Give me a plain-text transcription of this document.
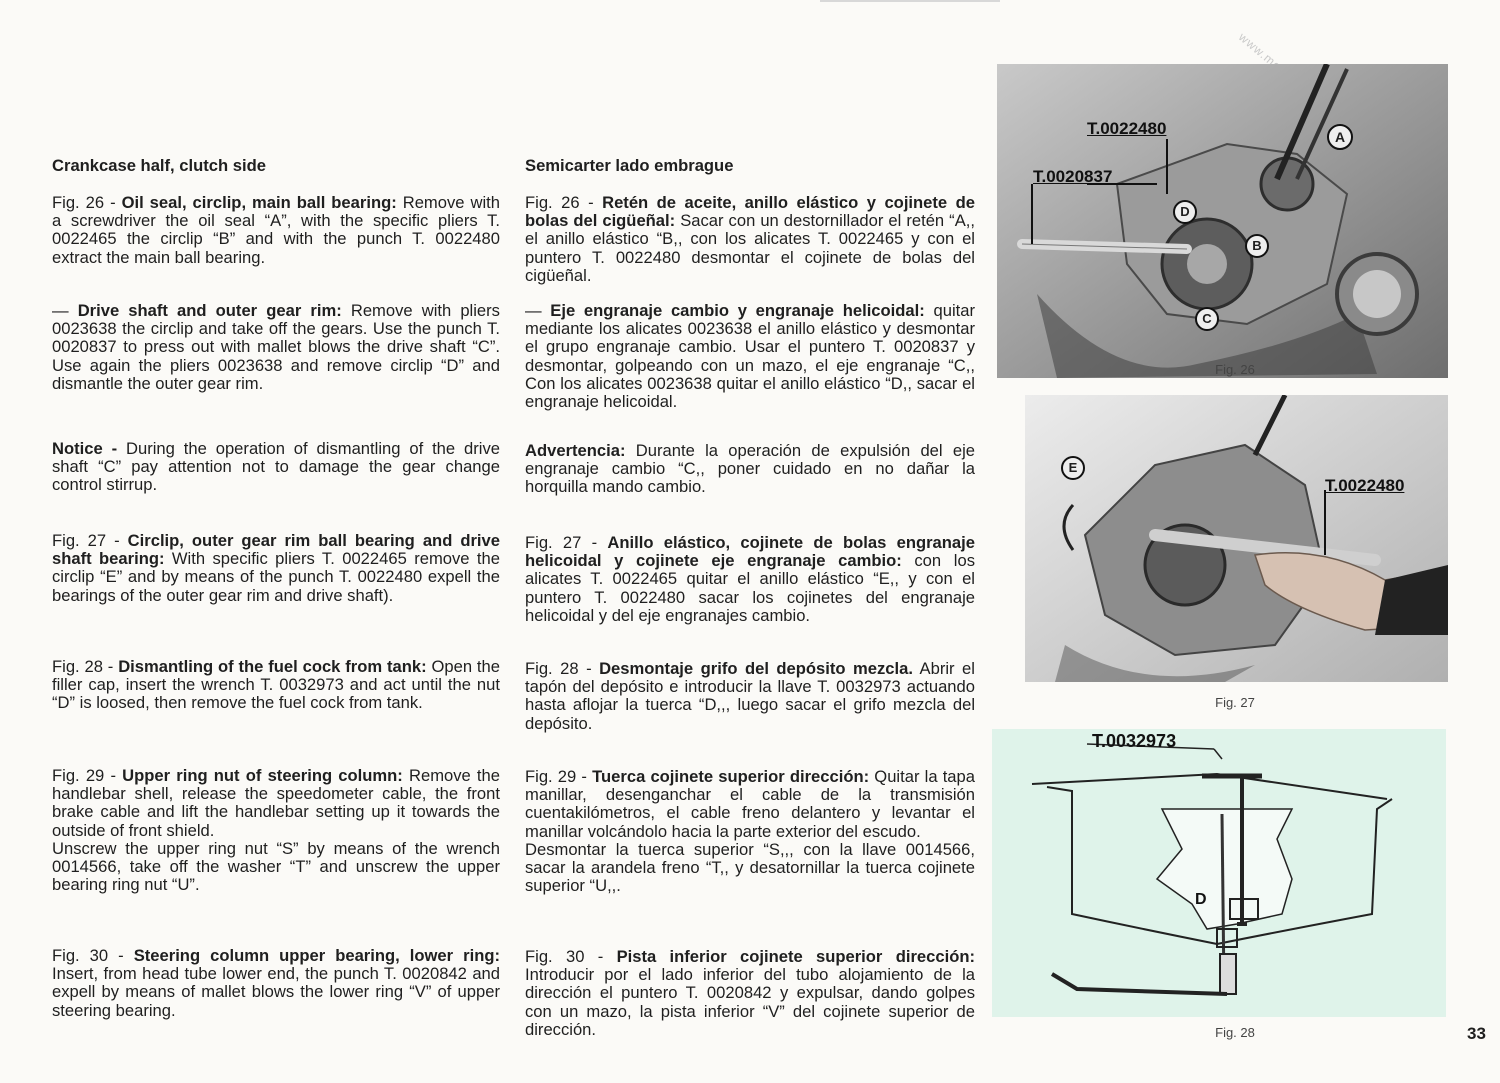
Crankcase half, clutch side
Fig. 26 - Oil seal, circlip, main ball bearing: Remove with a screwdriver the oil seal “A”, with the specific pliers T. 0022465 the circlip “B” and with the punch T. 0022480 extract the main ball bearing.
— Drive shaft and outer gear rim: Remove with pliers 0023638 the circlip and take off the gears. Use the punch T. 0020837 to press out with mallet blows the drive shaft “C”. Use again the pliers 0023638 and remove circlip “D” and dismantle the outer gear rim.
Notice - During the operation of dismantling of the drive shaft “C” pay attention not to damage the gear change control stirrup.
Fig. 27 - Circlip, outer gear rim ball bearing and drive shaft bearing: With specific pliers T. 0022465 remove the circlip “E” and by means of the punch T. 0022480 expell the bearings of the outer gear rim and drive shaft).
Fig. 28 - Dismantling of the fuel cock from tank: Open the filler cap, insert the wrench T. 0032973 and act until the nut “D” is loosed, then remove the fuel cock from tank.
Fig. 29 - Upper ring nut of steering column: Remove the handlebar shell, release the speedometer cable, the front brake cable and lift the handlebar setting up it towards the outside of front shield.
Unscrew the upper ring nut “S” by means of the wrench 0014566, take off the washer “T” and unscrew the upper bearing ring nut “U”.
Fig. 30 - Steering column upper bearing, lower ring: Insert, from head tube lower end, the punch T. 0020842 and expell by means of mallet blows the lower ring “V” of upper steering bearing.
Semicarter lado embrague
Fig. 26 - Retén de aceite, anillo elástico y cojinete de bolas del cigüeñal: Sacar con un destornillador el retén “A,, el anillo elástico “B,, con los alicates T. 0022465 y con el puntero T. 0022480 desmontar el cojinete de bolas del cigüeñal.
— Eje engranaje cambio y engranaje helicoidal: quitar mediante los alicates 0023638 el anillo elástico y desmontar el grupo engranaje cambio. Usar el puntero T. 0020837 y desmontar, golpeando con un mazo, el eje engranaje “C,, Con los alicates 0023638 quitar el anillo elástico “D,, sacar el engranaje helicoidal.
Advertencia: Durante la operación de expulsión del eje engranaje cambio “C,, poner cuidado en no dañar la horquilla mando cambio.
Fig. 27 - Anillo elástico, cojinete de bolas engranaje helicoidal y cojinete eje engranaje cambio: con los alicates T. 0022465 quitar el anillo elástico “E,, y con el puntero T. 0022480 sacar los cojinetes del engranaje helicoidal y del eje engranajes cambio.
Fig. 28 - Desmontaje grifo del depósito mezcla. Abrir el tapón del depósito e introducir la llave T. 0032973 actuando hasta aflojar la tuerca “D,,, luego sacar el grifo mezcla del depósito.
Fig. 29 - Tuerca cojinete superior dirección: Quitar la tapa manillar, desenganchar el cable de la transmisión cuentakilómetros, el cable freno delantero y levantar el manillar volcándolo hacia la parte exterior del escudo.
Desmontar la tuerca superior “S,,, con la llave 0014566, sacar la arandela freno “T,, y desatornillar la tuerca cojinete superior “U,,.
Fig. 30 - Pista inferior cojinete superior dirección: Introducir por el lado inferior del tubo alojamiento de la dirección el puntero T. 0020842 y expulsar, dando golpes con un mazo, la pista inferior “V” del cojinete superior de dirección.
T.0022480
T.0020837
A
B
C
D
Fig. 26
T.0022480
E
Fig. 27
T.0032973
D
Fig. 28	33
